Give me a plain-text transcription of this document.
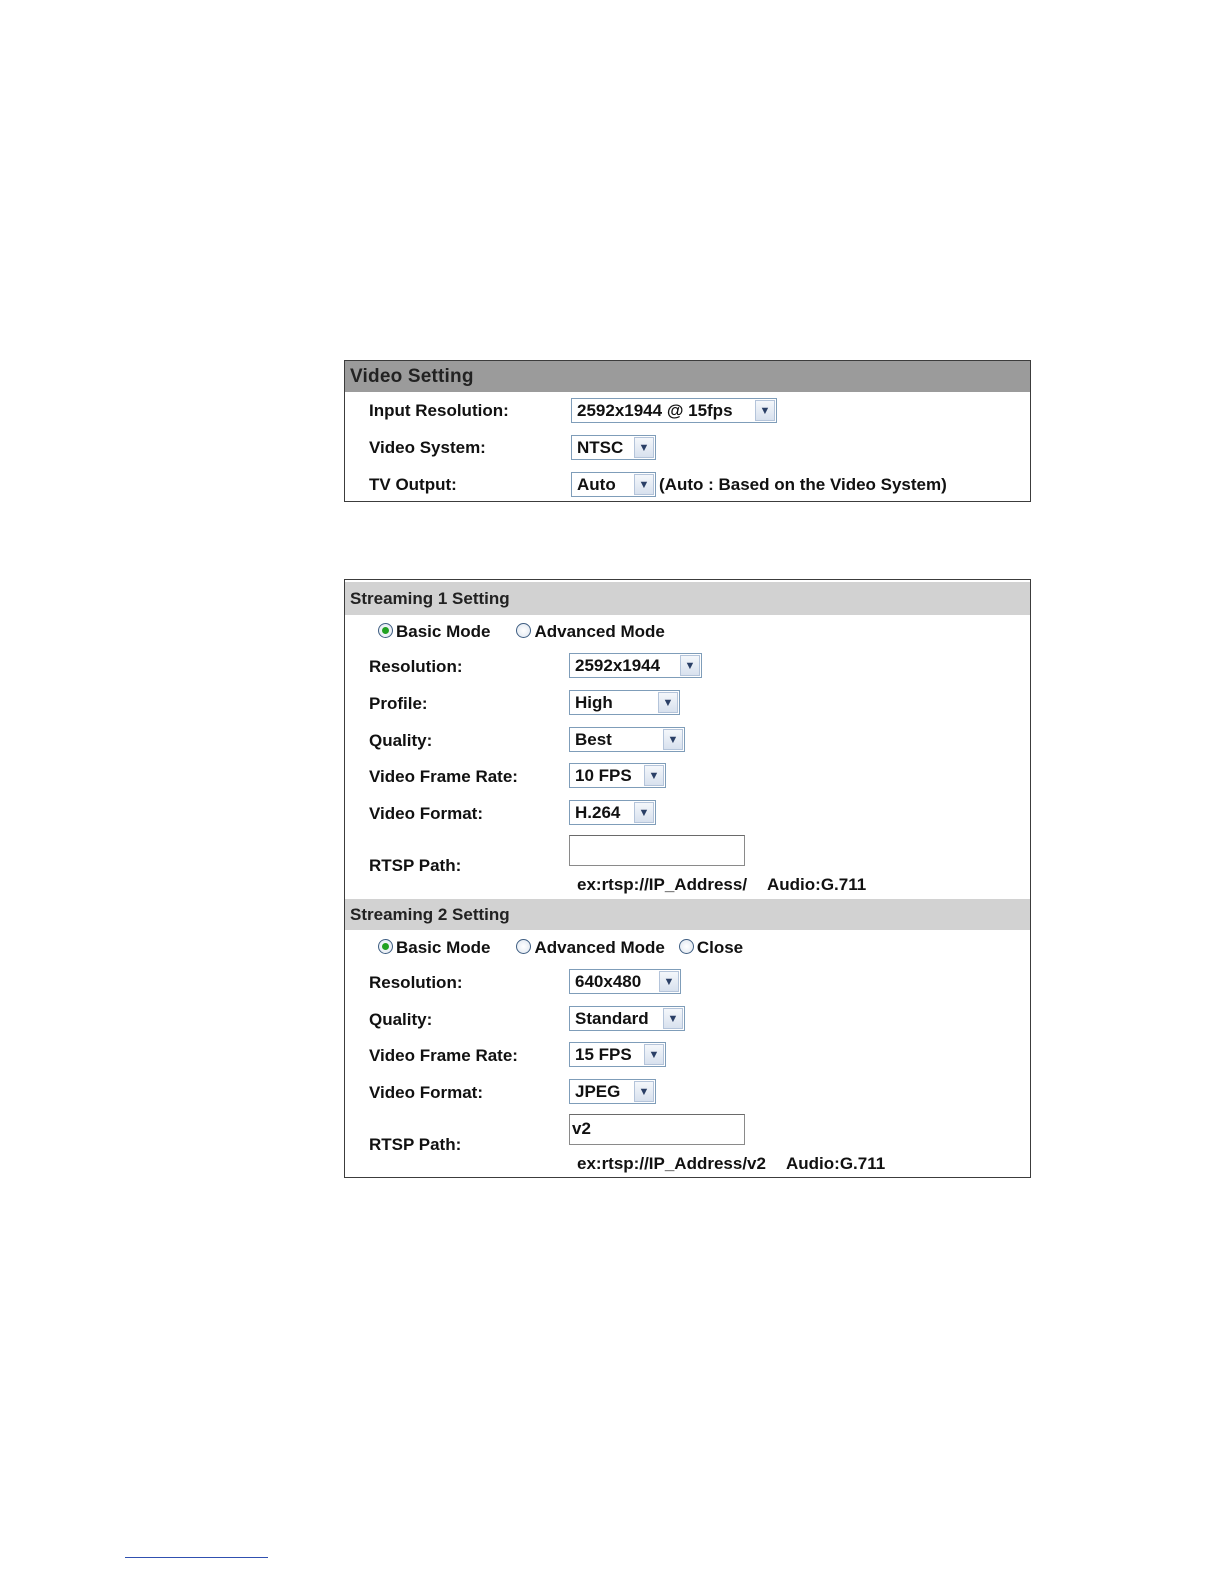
Video Setting
Input Resolution:	2592x1944 @ 15fps	▼
Video System:	NTSC	▼
TV Output:	Auto	▼ (Auto : Based on the Video System)
Streaming 1 Setting
Basic Mode	Advanced Mode
Resolution:	2592x1944	▼
Profile:	High	▼
Quality:	Best	▼
Video Frame Rate:	10 FPS	▼
Video Format:	H.264	▼
RTSP Path:
ex:rtsp://IP_Address/ Audio:G.711
Streaming 2 Setting
Basic Mode	Advanced Mode Close
Resolution:	640x480	▼
Quality:	Standard	▼
Video Frame Rate:	15 FPS	▼
Video Format:	JPEG	▼
RTSP Path:
v2
ex:rtsp://IP_Address/v2 Audio:G.711
